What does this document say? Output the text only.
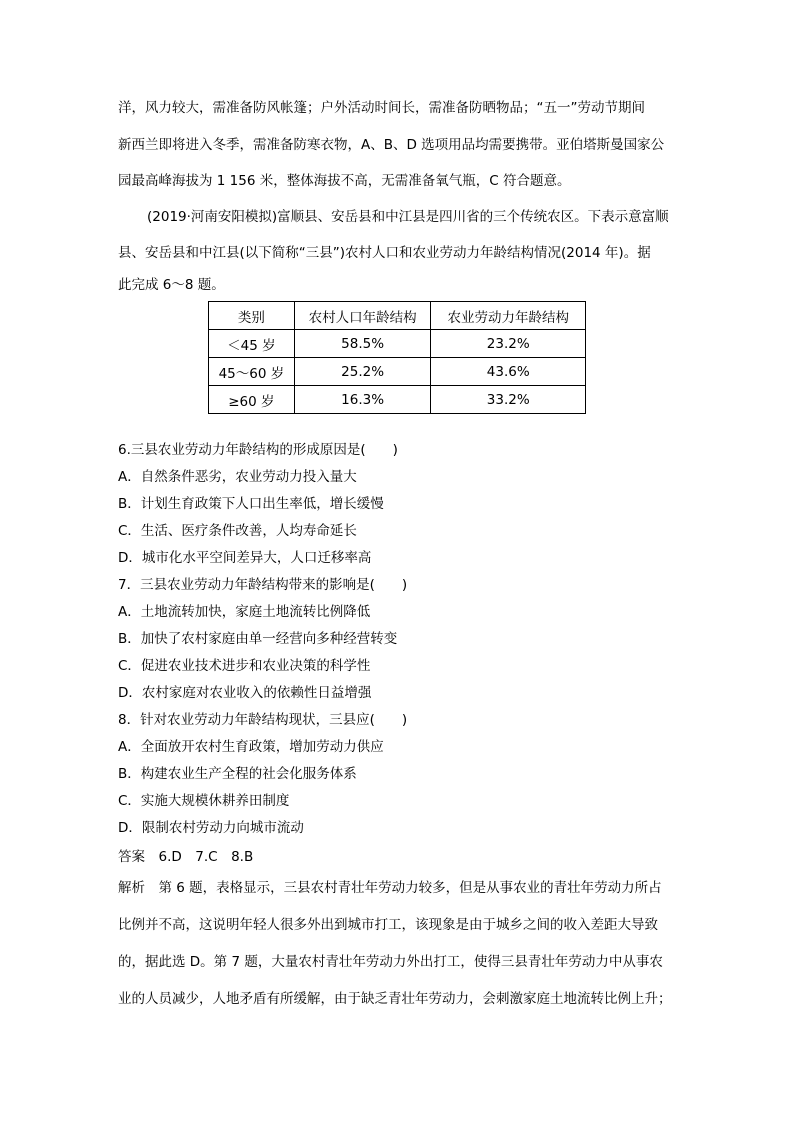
洋，风力较大，需准备防风帐篷；户外活动时间长，需准备防晒物品；“五一”劳动节期间
新西兰即将进入冬季，需准备防寒衣物，A、B、D 选项用品均需要携带。亚伯塔斯曼国家公
园最高峰海拔为 1 156 米，整体海拔不高，无需准备氧气瓶，C 符合题意。
(2019·河南安阳模拟)富顺县、安岳县和中江县是四川省的三个传统农区。下表示意富顺
县、安岳县和中江县(以下简称“三县”)农村人口和农业劳动力年龄结构情况(2014 年)。据
此完成 6～8 题。
类别	农村人口年龄结构	农业劳动力年龄结构
＜45 岁	58.5%	23.2%
45～60 岁	25.2%	43.6%
≥60 岁	16.3%	33.2%
6.三县农业劳动力年龄结构的形成原因是(　　)
A．自然条件恶劣，农业劳动力投入量大
B．计划生育政策下人口出生率低，增长缓慢
C．生活、医疗条件改善，人均寿命延长
D．城市化水平空间差异大，人口迁移率高
7．三县农业劳动力年龄结构带来的影响是(　　)
A．土地流转加快，家庭土地流转比例降低
B．加快了农村家庭由单一经营向多种经营转变
C．促进农业技术进步和农业决策的科学性
D．农村家庭对农业收入的依赖性日益增强
8．针对农业劳动力年龄结构现状，三县应(　　)
A．全面放开农村生育政策，增加劳动力供应
B．构建农业生产全程的社会化服务体系
C．实施大规模休耕养田制度
D．限制农村劳动力向城市流动
答案　6.D　7.C　8.B
解析　第 6 题，表格显示，三县农村青壮年劳动力较多，但是从事农业的青壮年劳动力所占
比例并不高，这说明年轻人很多外出到城市打工，该现象是由于城乡之间的收入差距大导致
的，据此选 D。第 7 题，大量农村青壮年劳动力外出打工，使得三县青壮年劳动力中从事农
业的人员减少，人地矛盾有所缓解，由于缺乏青壮年劳动力，会刺激家庭土地流转比例上升；
